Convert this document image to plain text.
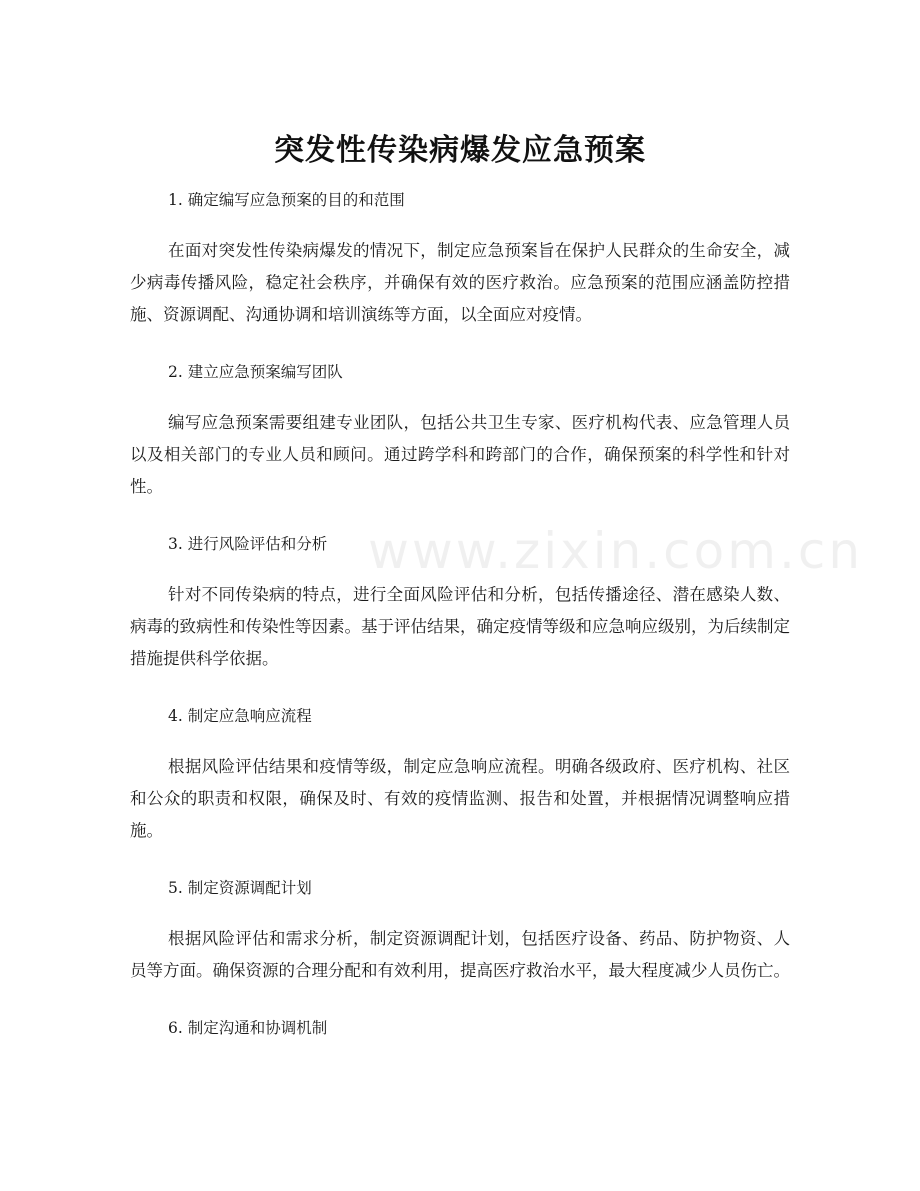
www.zixin.com.cn
突发性传染病爆发应急预案

1. 确定编写应急预案的目的和范围

在面对突发性传染病爆发的情况下，制定应急预案旨在保护人民群众的生命安全，减少病毒传播风险，稳定社会秩序，并确保有效的医疗救治。应急预案的范围应涵盖防控措施、资源调配、沟通协调和培训演练等方面，以全面应对疫情。

2. 建立应急预案编写团队

编写应急预案需要组建专业团队，包括公共卫生专家、医疗机构代表、应急管理人员以及相关部门的专业人员和顾问。通过跨学科和跨部门的合作，确保预案的科学性和针对性。

3. 进行风险评估和分析

针对不同传染病的特点，进行全面风险评估和分析，包括传播途径、潜在感染人数、病毒的致病性和传染性等因素。基于评估结果，确定疫情等级和应急响应级别，为后续制定措施提供科学依据。

4. 制定应急响应流程

根据风险评估结果和疫情等级，制定应急响应流程。明确各级政府、医疗机构、社区和公众的职责和权限，确保及时、有效的疫情监测、报告和处置，并根据情况调整响应措施。

5. 制定资源调配计划

根据风险评估和需求分析，制定资源调配计划，包括医疗设备、药品、防护物资、人员等方面。确保资源的合理分配和有效利用，提高医疗救治水平，最大程度减少人员伤亡。

6. 制定沟通和协调机制
